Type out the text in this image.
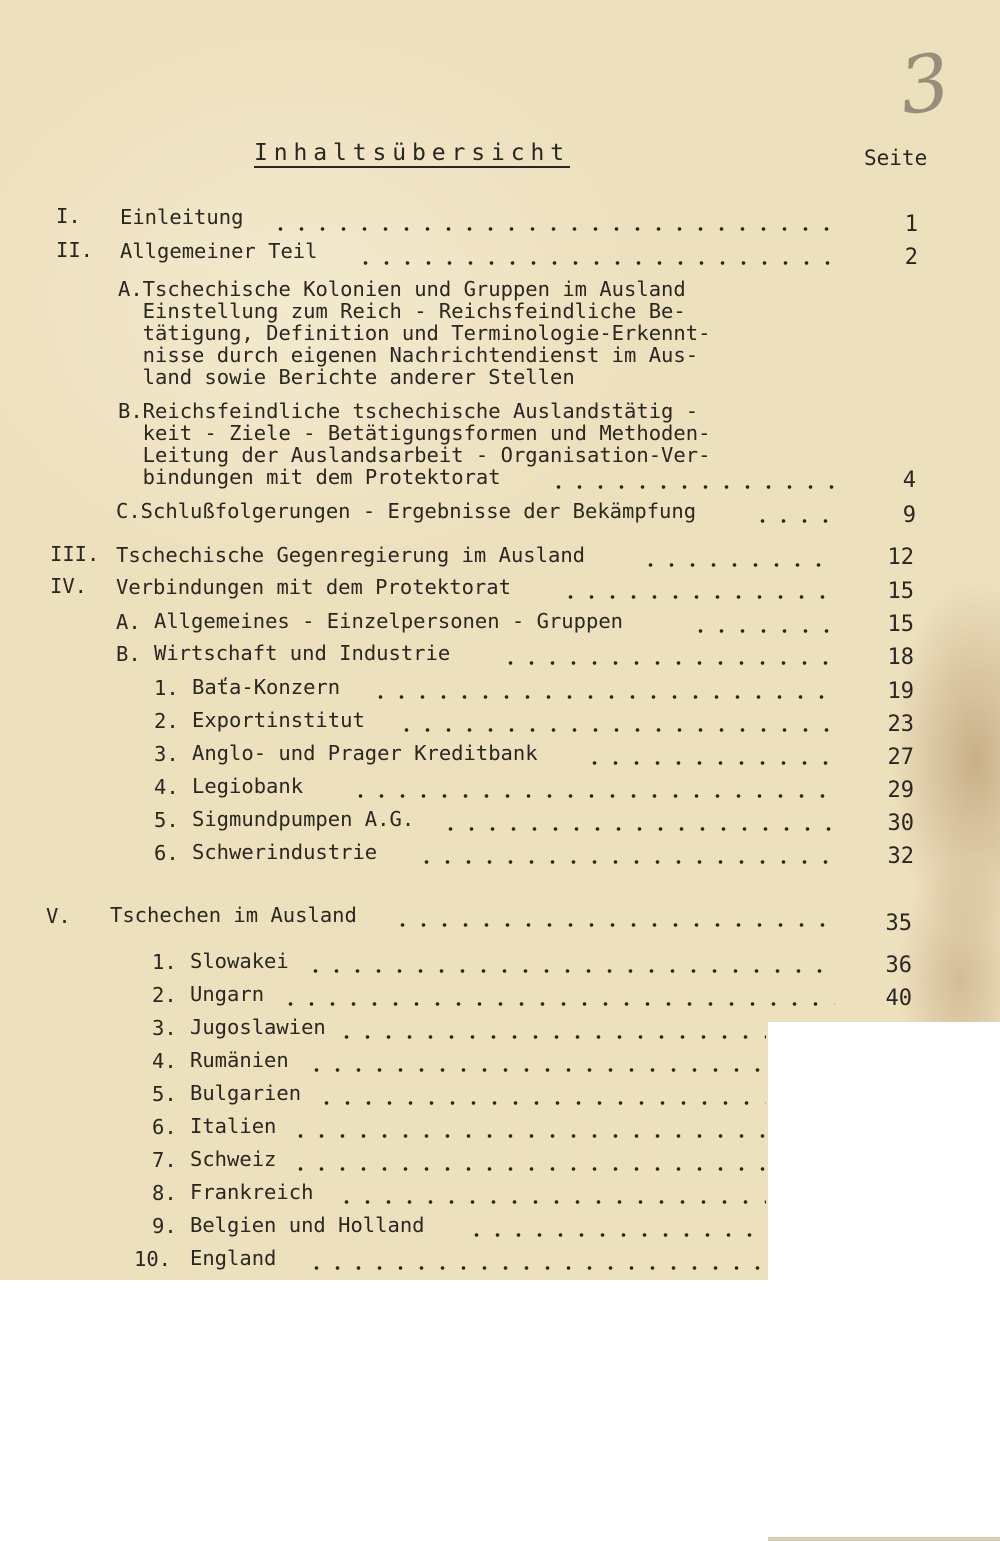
3
Inhaltsübersicht	Seite
I. Einleitung	1
II. Allgemeiner Teil	2
A.Tschechische Kolonien und Gruppen im Ausland
Einstellung zum Reich - Reichsfeindliche Be-
tätigung, Definition und Terminologie-Erkennt-
nisse durch eigenen Nachrichtendienst im Aus-
land sowie Berichte anderer Stellen
B.Reichsfeindliche tschechische Auslandstätig -
keit - Ziele - Betätigungsformen und Methoden-
Leitung der Auslandsarbeit - Organisation-Ver-
bindungen mit dem Protektorat	4
C.Schlußfolgerungen - Ergebnisse der Bekämpfung	9
III. Tschechische Gegenregierung im Ausland	12
IV. Verbindungen mit dem Protektorat	15
A. Allgemeines - Einzelpersonen - Gruppen	15
B. Wirtschaft und Industrie	18
1. Baťa-Konzern	19
2. Exportinstitut	23
3. Anglo- und Prager Kreditbank	27
4. Legiobank	29
5. Sigmundpumpen A.G.	30
6. Schwerindustrie	32
V. Tschechen im Ausland	35
1. Slowakei	36
2. Ungarn	40
3. Jugoslawien
4. Rumänien
5. Bulgarien
6. Italien
7. Schweiz
8. Frankreich
9. Belgien und Holland
10. England
